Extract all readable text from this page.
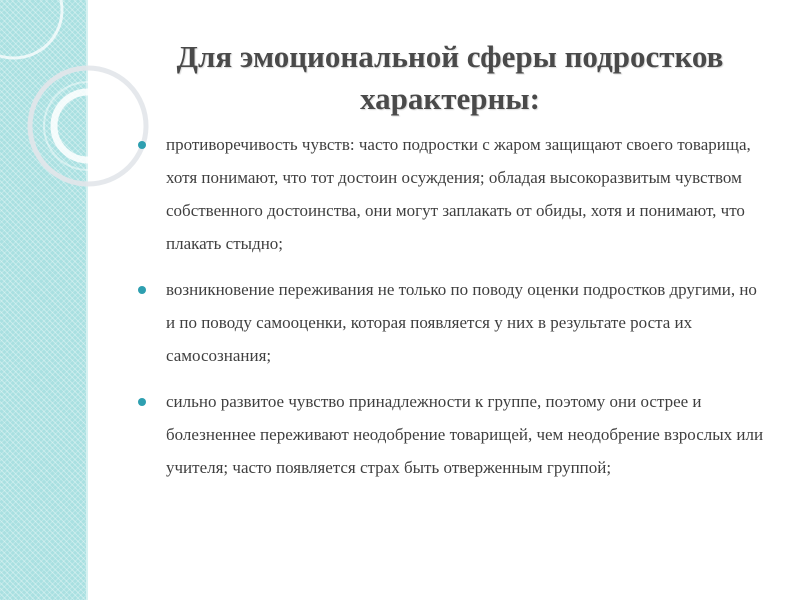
Для эмоциональной сферы подростков характерны:
противоречивость чувств: часто подростки с жаром защищают своего товарища, хотя понимают, что тот достоин осуждения; обладая высокоразвитым чувством собственного достоинства, они могут заплакать от обиды, хотя и понимают, что плакать стыдно;
возникновение переживания не только по поводу оценки подростков другими, но и по поводу самооценки, которая появляется у них в результате роста их самосознания;
сильно развитое чувство принадлежности к группе, поэтому они острее и болезненнее переживают неодобрение товарищей, чем неодобрение взрослых или учителя; часто появляется страх быть отверженным группой;
